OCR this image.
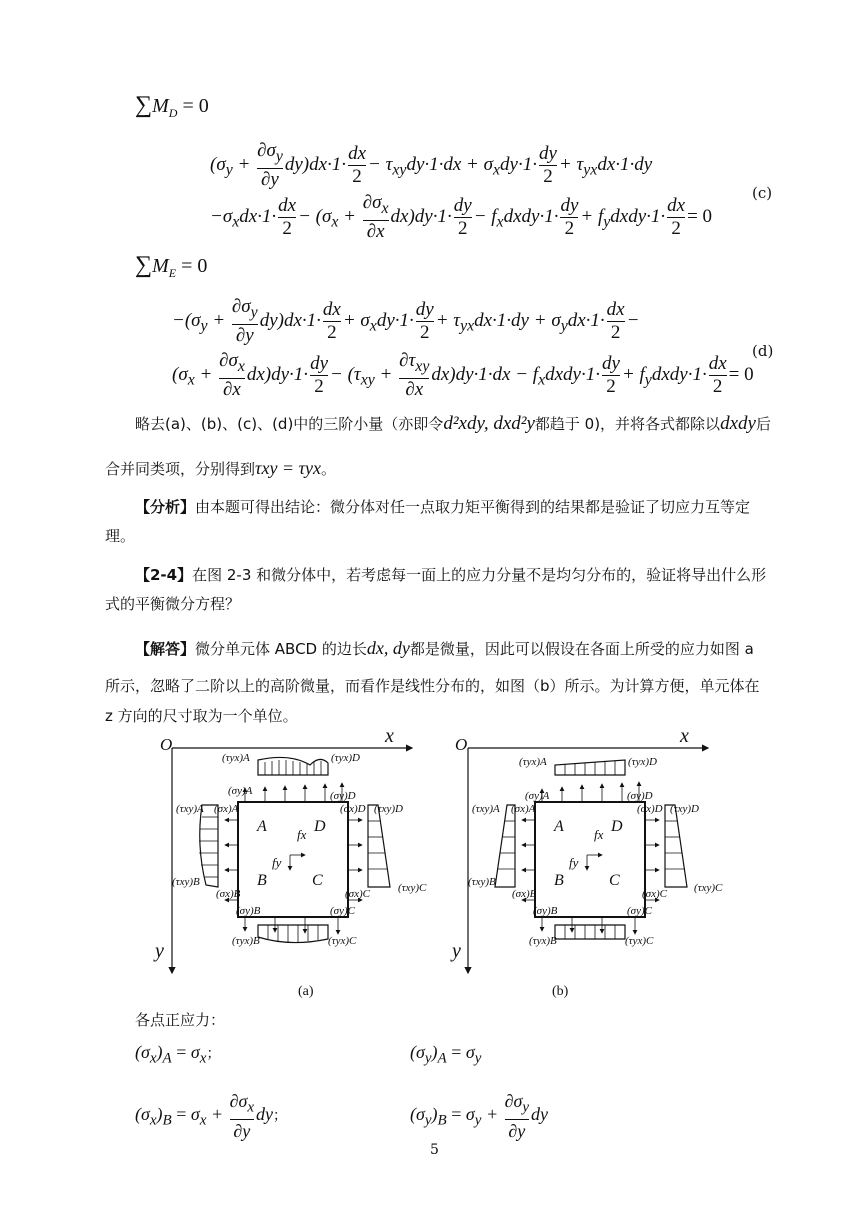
$\sum M_D = 0$
$(\sigma_y + \frac{\partial\sigma_y}{\partial y} dy)dx\cdot 1\cdot \frac{dx}{2} - \tau_{xy}dy\cdot 1\cdot dx + \sigma_xdy\cdot 1\cdot \frac{dy}{2} + \tau_{yx}dx\cdot 1\cdot dy$
$-\sigma_xdx\cdot 1\cdot \frac{dx}{2} - (\sigma_x + \frac{\partial\sigma_x}{\partial x} dx)dy\cdot 1\cdot \frac{dy}{2}$ − $f_xdxdy\cdot 1\cdot \frac{dy}{2}$ + $f_ydxdy\cdot 1\cdot \frac{dx}{2} = 0$
(c)
$\sum M_E = 0$
$-(\sigma_y + \frac{\partial\sigma_y}{\partial y} dy)dx\cdot 1\cdot \frac{dx}{2} + \sigma_xdy\cdot 1\cdot \frac{dy}{2} + \tau_{yx}dx\cdot 1\cdot dy + \sigma_ydx\cdot 1\cdot \frac{dx}{2}$ −
$(\sigma_x + \frac{\partial\sigma_x}{\partial x} dx)dy\cdot 1\cdot \frac{dy}{2} - (\tau_{xy}$ +
$\partial\tau_{xy}$
∂x
$dx)dy\cdot 1\cdot dx - f_xdxdy\cdot 1\cdot \frac{dy}{2}$ + $f_ydxdy\cdot 1\cdot \frac{dx}{2} = 0$
(d)
略去(a)、(b)、(c)、(d)中的三阶小量（亦即令d²xdy, dxd²y都趋于 0)，并将各式都除以dxdy后
合并同类项，分别得到τxy = τyx。
【分析】由本题可得出结论：微分体对任一点取力矩平衡得到的结果都是验证了切应力互等定
理。
【2-4】在图 2-3 和微分体中，若考虑每一面上的应力分量不是均匀分布的，验证将导出什么形
式的平衡微分方程？
【解答】微分单元体 ABCD 的边长dx, dy都是微量，因此可以假设在各面上所受的应力如图 a
所示，忽略了二阶以上的高阶微量，而看作是线性分布的，如图（b）所示。为计算方便，单元体在
z 方向的尺寸取为一个单位。
O	x
y
A	D
B	C
fx
fy
(τyx)A	(τyx)D
(σy)A	(σy)D
(τxy)A (σx)A	(σx)D (τxy)D
(τxy)B
(σx)B	(σx)C	(τxy)C
(σy)B	(σy)C
(τyx)B	(τyx)C
(a)
O	x
y
A	D
B	C
fx
fy
(τyx)A	(τyx)D
(σy)A	(σy)D
(τxy)A (σx)A	(σx)D (τxy)D
(τxy)B
(σx)B	(σx)C (τxy)C
(σy)B	(σy)C
(τyx)B	(τyx)C
(b)
各点正应力：
$(\sigma_x)_A = \sigma_x$；	$(\sigma_y)_A = \sigma_y$
$(\sigma_x)_B = \sigma_x + \frac{\partial\sigma_x}{\partial y}$ dy；	$(\sigma_y)_B = \sigma_y + \frac{\partial\sigma_y}{\partial y}$ dy
5
